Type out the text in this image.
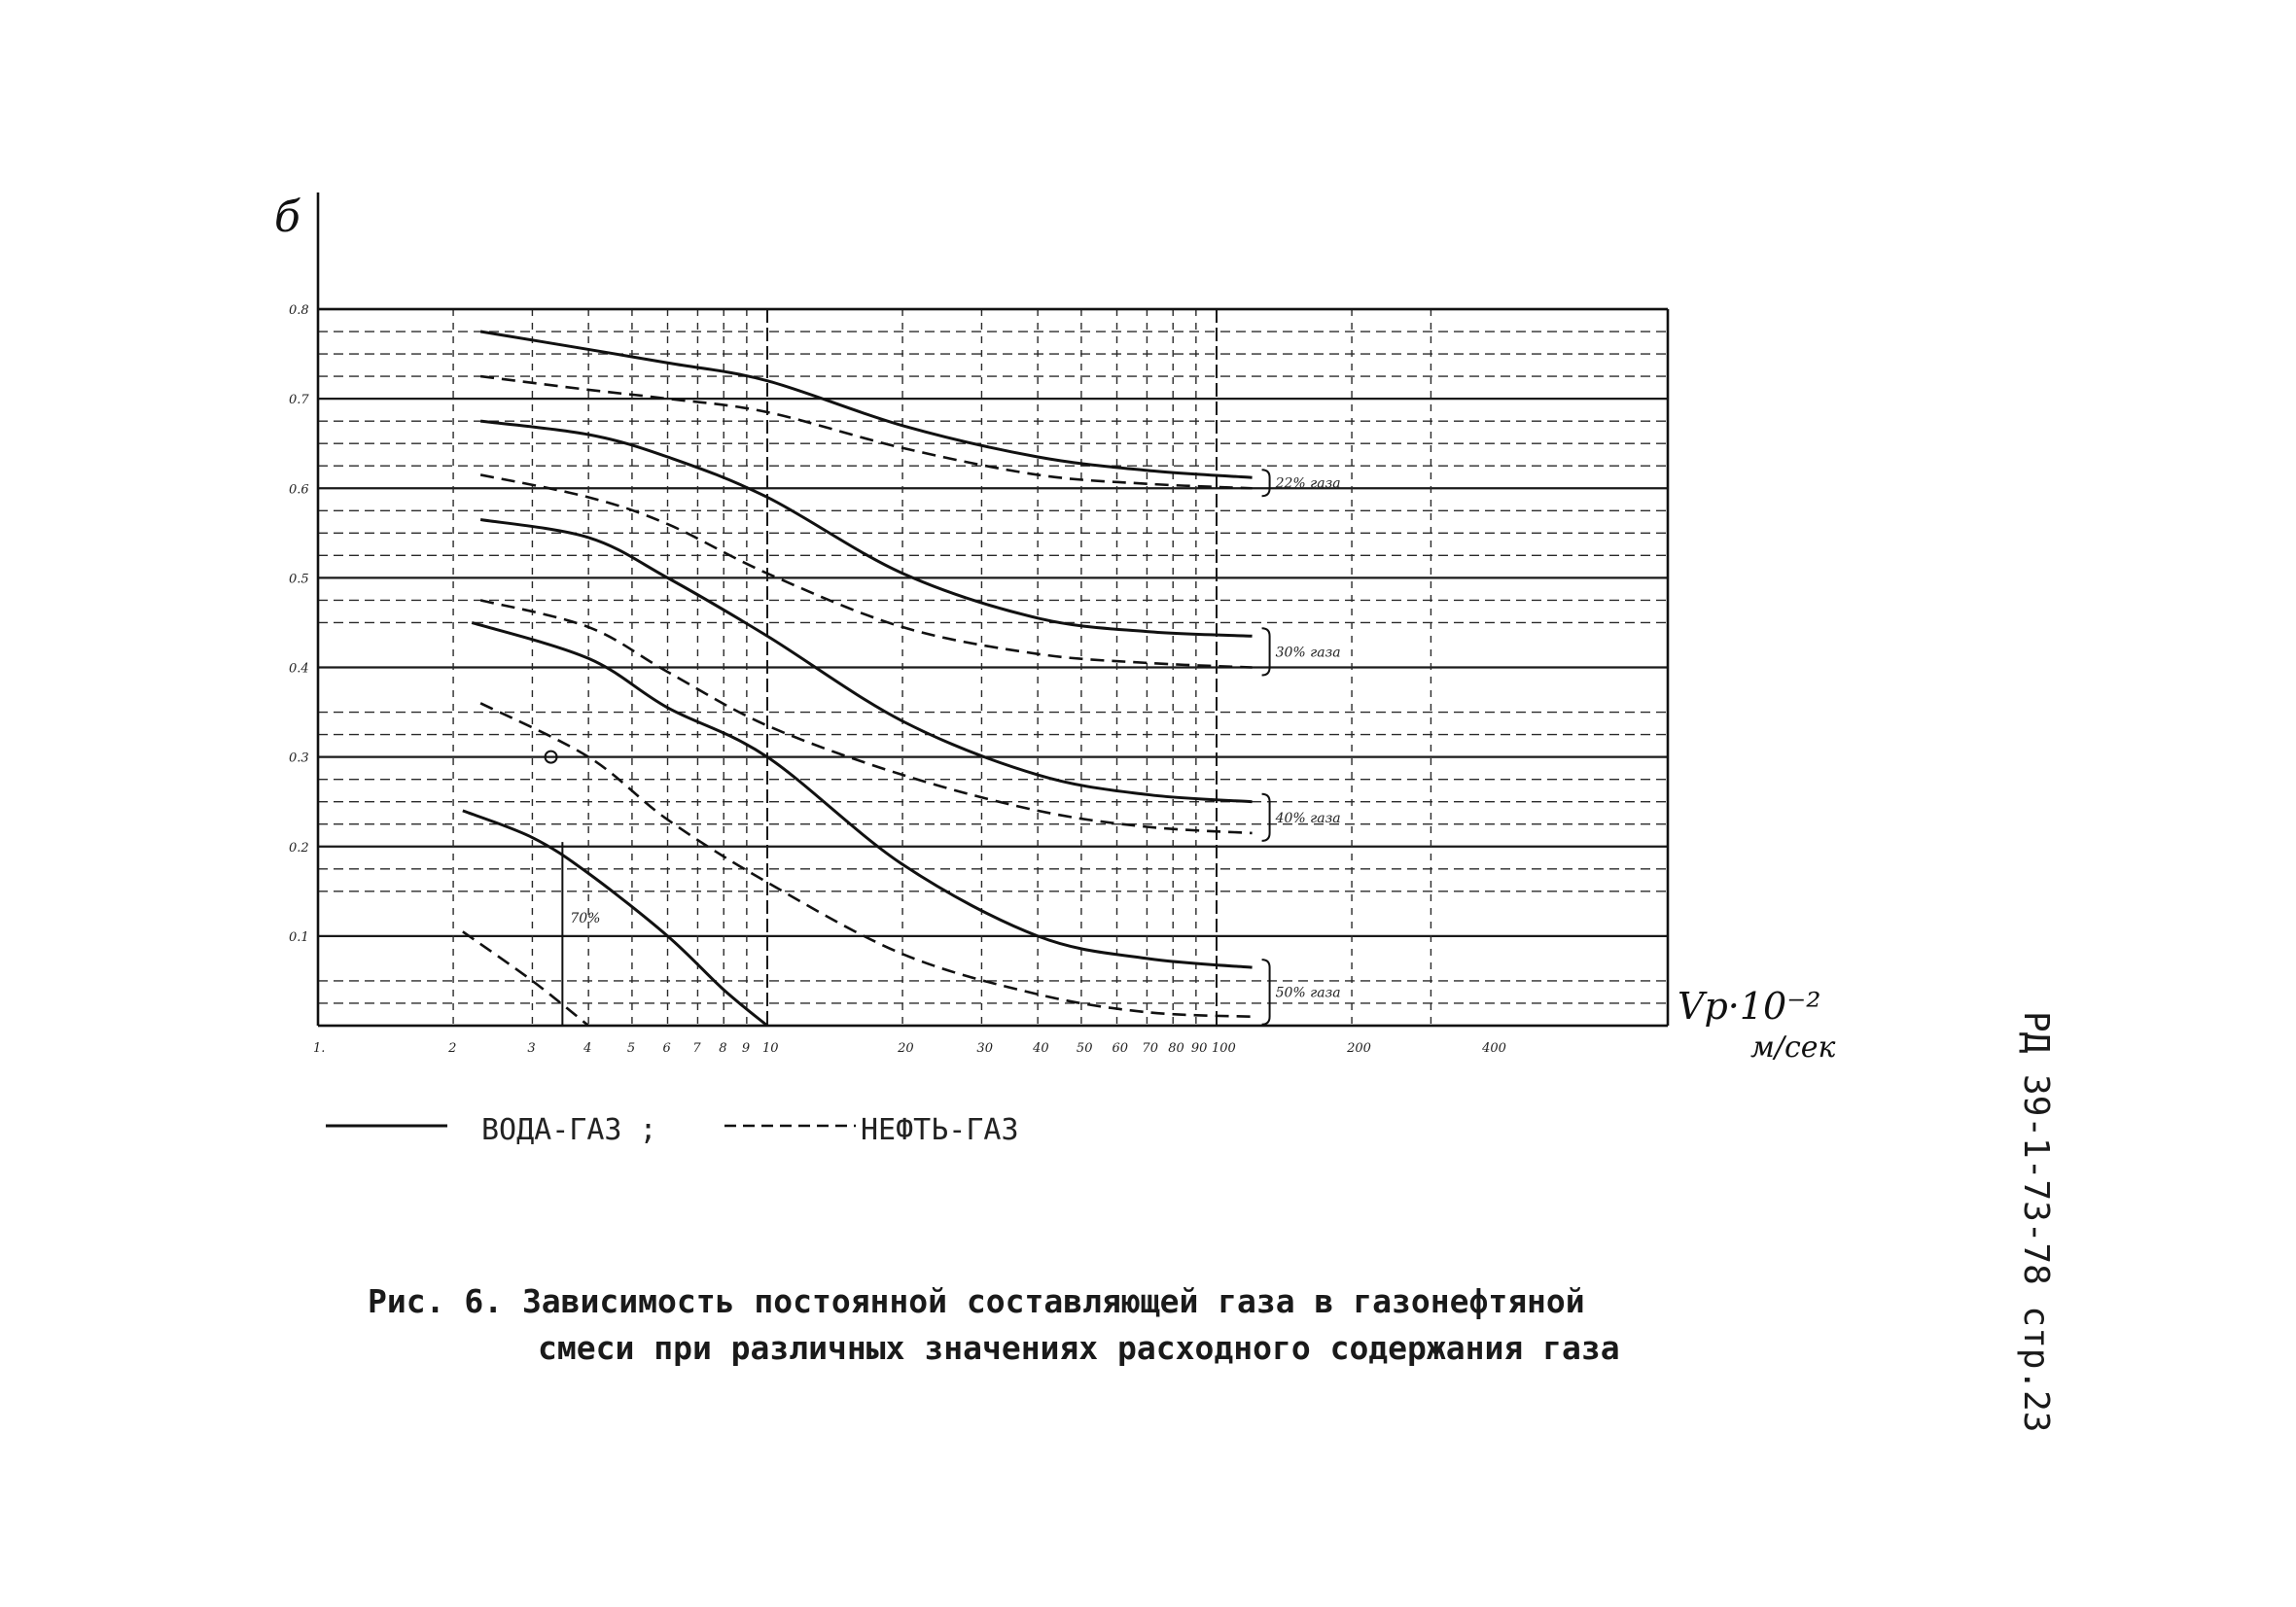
0.8
0.7
0.6
0.5
0.4
0.3
0.2
0.1
1.	2	3	4	5 6 7 8 9 10	20	30	40 50 60 70 80 90 100	200	400
22% газа
30% газа
40% газа
50% газа
70%
б
Vр·10⁻²
м/сек
ВОДА-ГАЗ ;	НЕФТЬ-ГАЗ
Рис. 6. Зависимость постоянной составляющей газа в газонефтяной
смеси при различных значениях расходного содержания газа	РД 39-1-73-78 стр.23
